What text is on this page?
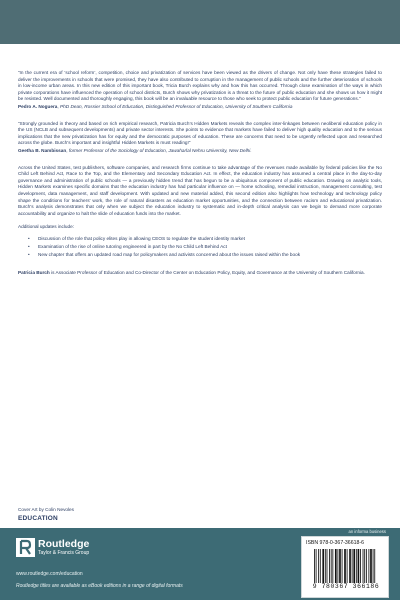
“In the current era of ‘school reform’, competition, choice and privatization of services have been viewed as the drivers of change. Not only have these strategies failed to deliver the improvements in schools that were promised, they have also contributed to corruption in the management of public schools and the further deterioration of schools in low-income urban areas. In this new edition of this important book, Tricia Burch explains why and how this has occurred. Through close examination of the ways in which private corporations have influenced the operation of school districts, Burch shows why privatization is a threat to the future of public education and she shows us how it might be resisted. Well documented and thoroughly engaging, this book will be an invaluable resource to those who seek to protect public education for future generations.”

Pedro A. Noguera, PhD Dean, Rossier School of Education, Distinguished Professor of Education, University of Southern California

“Strongly grounded in theory and based on rich empirical research, Patricia Burch’s Hidden Markets reveals the complex inter-linkages between neoliberal education policy in the US (NCLB and subsequent developments) and private sector interests. She points to evidence that markets have failed to deliver high quality education and to the serious implications that the new privatization has for equity and the democratic purposes of education. These are concerns that need to be urgently reflected upon and researched across the globe. Burch’s important and insightful Hidden Markets is must reading!”

Geetha B. Nambissan, former Professor of the Sociology of Education, Jawaharlal Nehru University, New Delhi.

Across the United States, test publishers, software companies, and research firms continue to take advantage of the revenues made available by federal policies like the No Child Left Behind Act, Race to the Top, and the Elementary and Secondary Education Act. In effect, the education industry has assumed a central place in the day-to-day governance and administration of public schools — a previously hidden trend that has begun to be a ubiquitous component of public education. Drawing on analytic tools, Hidden Markets examines specific domains that the education industry has had particular influence on — home schooling, remedial instruction, management consulting, test development, data management, and staff development. With updated and new material added, this second edition also highlights how technology and technology policy shape the conditions for teachers’ work, the role of natural disasters as education market opportunities, and the connection between racism and educational privatization. Burch’s analysis demonstrates that only when we subject the education industry to systematic and in-depth critical analysis can we begin to demand more corporate accountability and organize to halt the slide of education funds into the market.

Additional updates include:

• Discussion of the role that policy elites play in allowing CEOS to regulate the student identity market
• Examination of the rise of online tutoring engineered in part by the No Child Left Behind Act
• New chapter that offers an updated road map for policymakers and activists concerned about the issues raised within the book

Patricia Burch is Associate Professor of Education and Co-Director of the Center on Education Policy, Equity, and Governance at the University of Southern California.

Cover Art by Colin Nevoles
EDUCATION
an informa business
Routledge
Taylor & Francis Group
www.routledge.com/education
Routledge titles are available as eBook editions in a range of digital formats
ISBN 978-0-367-36618-6
9 780367 366186
